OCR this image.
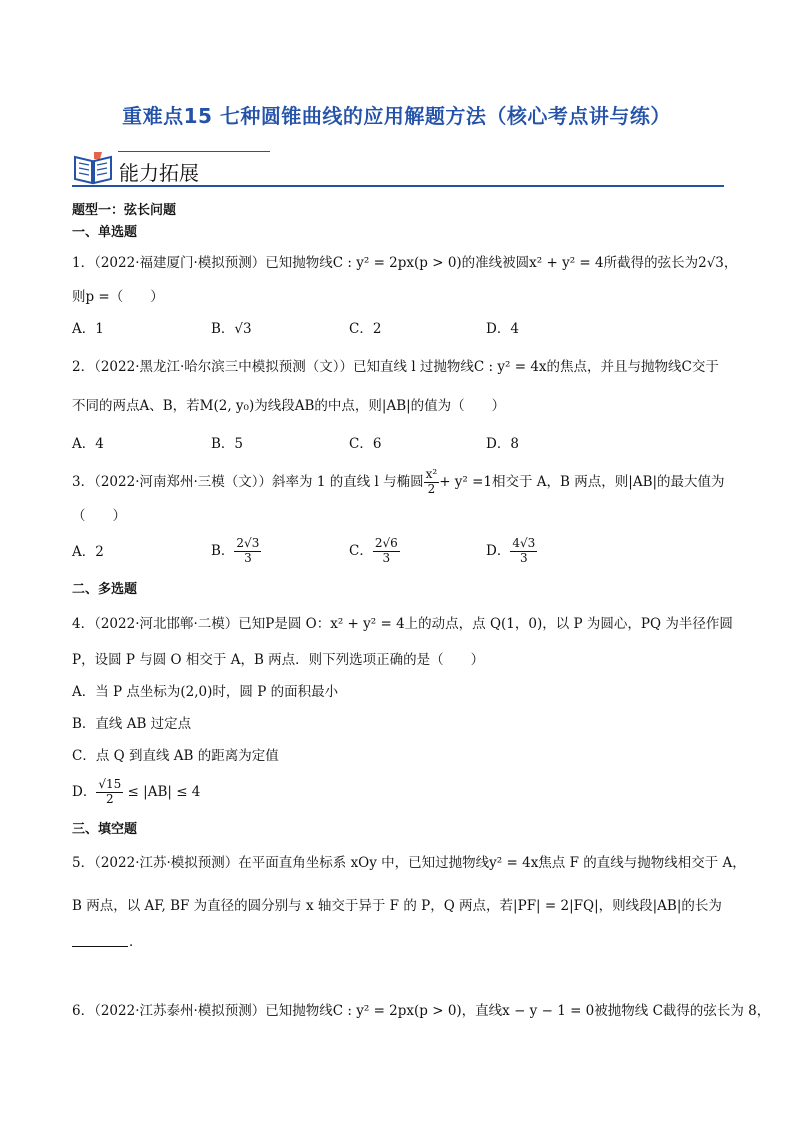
重难点15 七种圆锥曲线的应用解题方法（核心考点讲与练）
能力拓展
题型一：弦长问题
一、单选题
1．（2022·福建厦门·模拟预测）已知抛物线C : y² = 2px(p > 0)的准线被圆x² + y² = 4所截得的弦长为2√3，
则p =（　　）
A．1	B．√3	C．2	D．4
2．（2022·黑龙江·哈尔滨三中模拟预测（文））已知直线 l 过抛物线C : y² = 4x的焦点，并且与抛物线C交于
不同的两点A、B，若M(2, y₀)为线段AB的中点，则|AB|的值为（　　）
A．4	B．5	C．6	D．8
3．（2022·河南郑州·三模（文））斜率为 1 的直线 l 与椭圆 $\frac{\text{x²}}{2} + y^2 =1$相交于 A，B 两点，则|AB|的最大值为
（　　）
A．2	B． $\frac{2√3}{3}$	C． $\frac{2√6}{3}$	D． $\frac{4√3}{3}$
二、多选题
4．（2022·河北邯郸·二模）已知P是圆 O：x² + y² = 4上的动点，点 Q(1，0)，以 P 为圆心，PQ 为半径作圆
P，设圆 P 与圆 O 相交于 A，B 两点．则下列选项正确的是（　　）
A．当 P 点坐标为(2,0)时，圆 P 的面积最小
B．直线 AB 过定点
C．点 Q 到直线 AB 的距离为定值
D． $\frac{√15}{2} \le |AB| \le 4$
三、填空题
5．（2022·江苏·模拟预测）在平面直角坐标系 xOy 中，已知过抛物线y² = 4x焦点 F 的直线与抛物线相交于 A，
B 两点，以 AF, BF 为直径的圆分别与 x 轴交于异于 F 的 P，Q 两点，若|PF| = 2|FQ|，则线段|AB|的长为
．
6．（2022·江苏泰州·模拟预测）已知抛物线C : y² = 2px(p > 0)，直线x − y − 1 = 0被抛物线 C截得的弦长为 8，
